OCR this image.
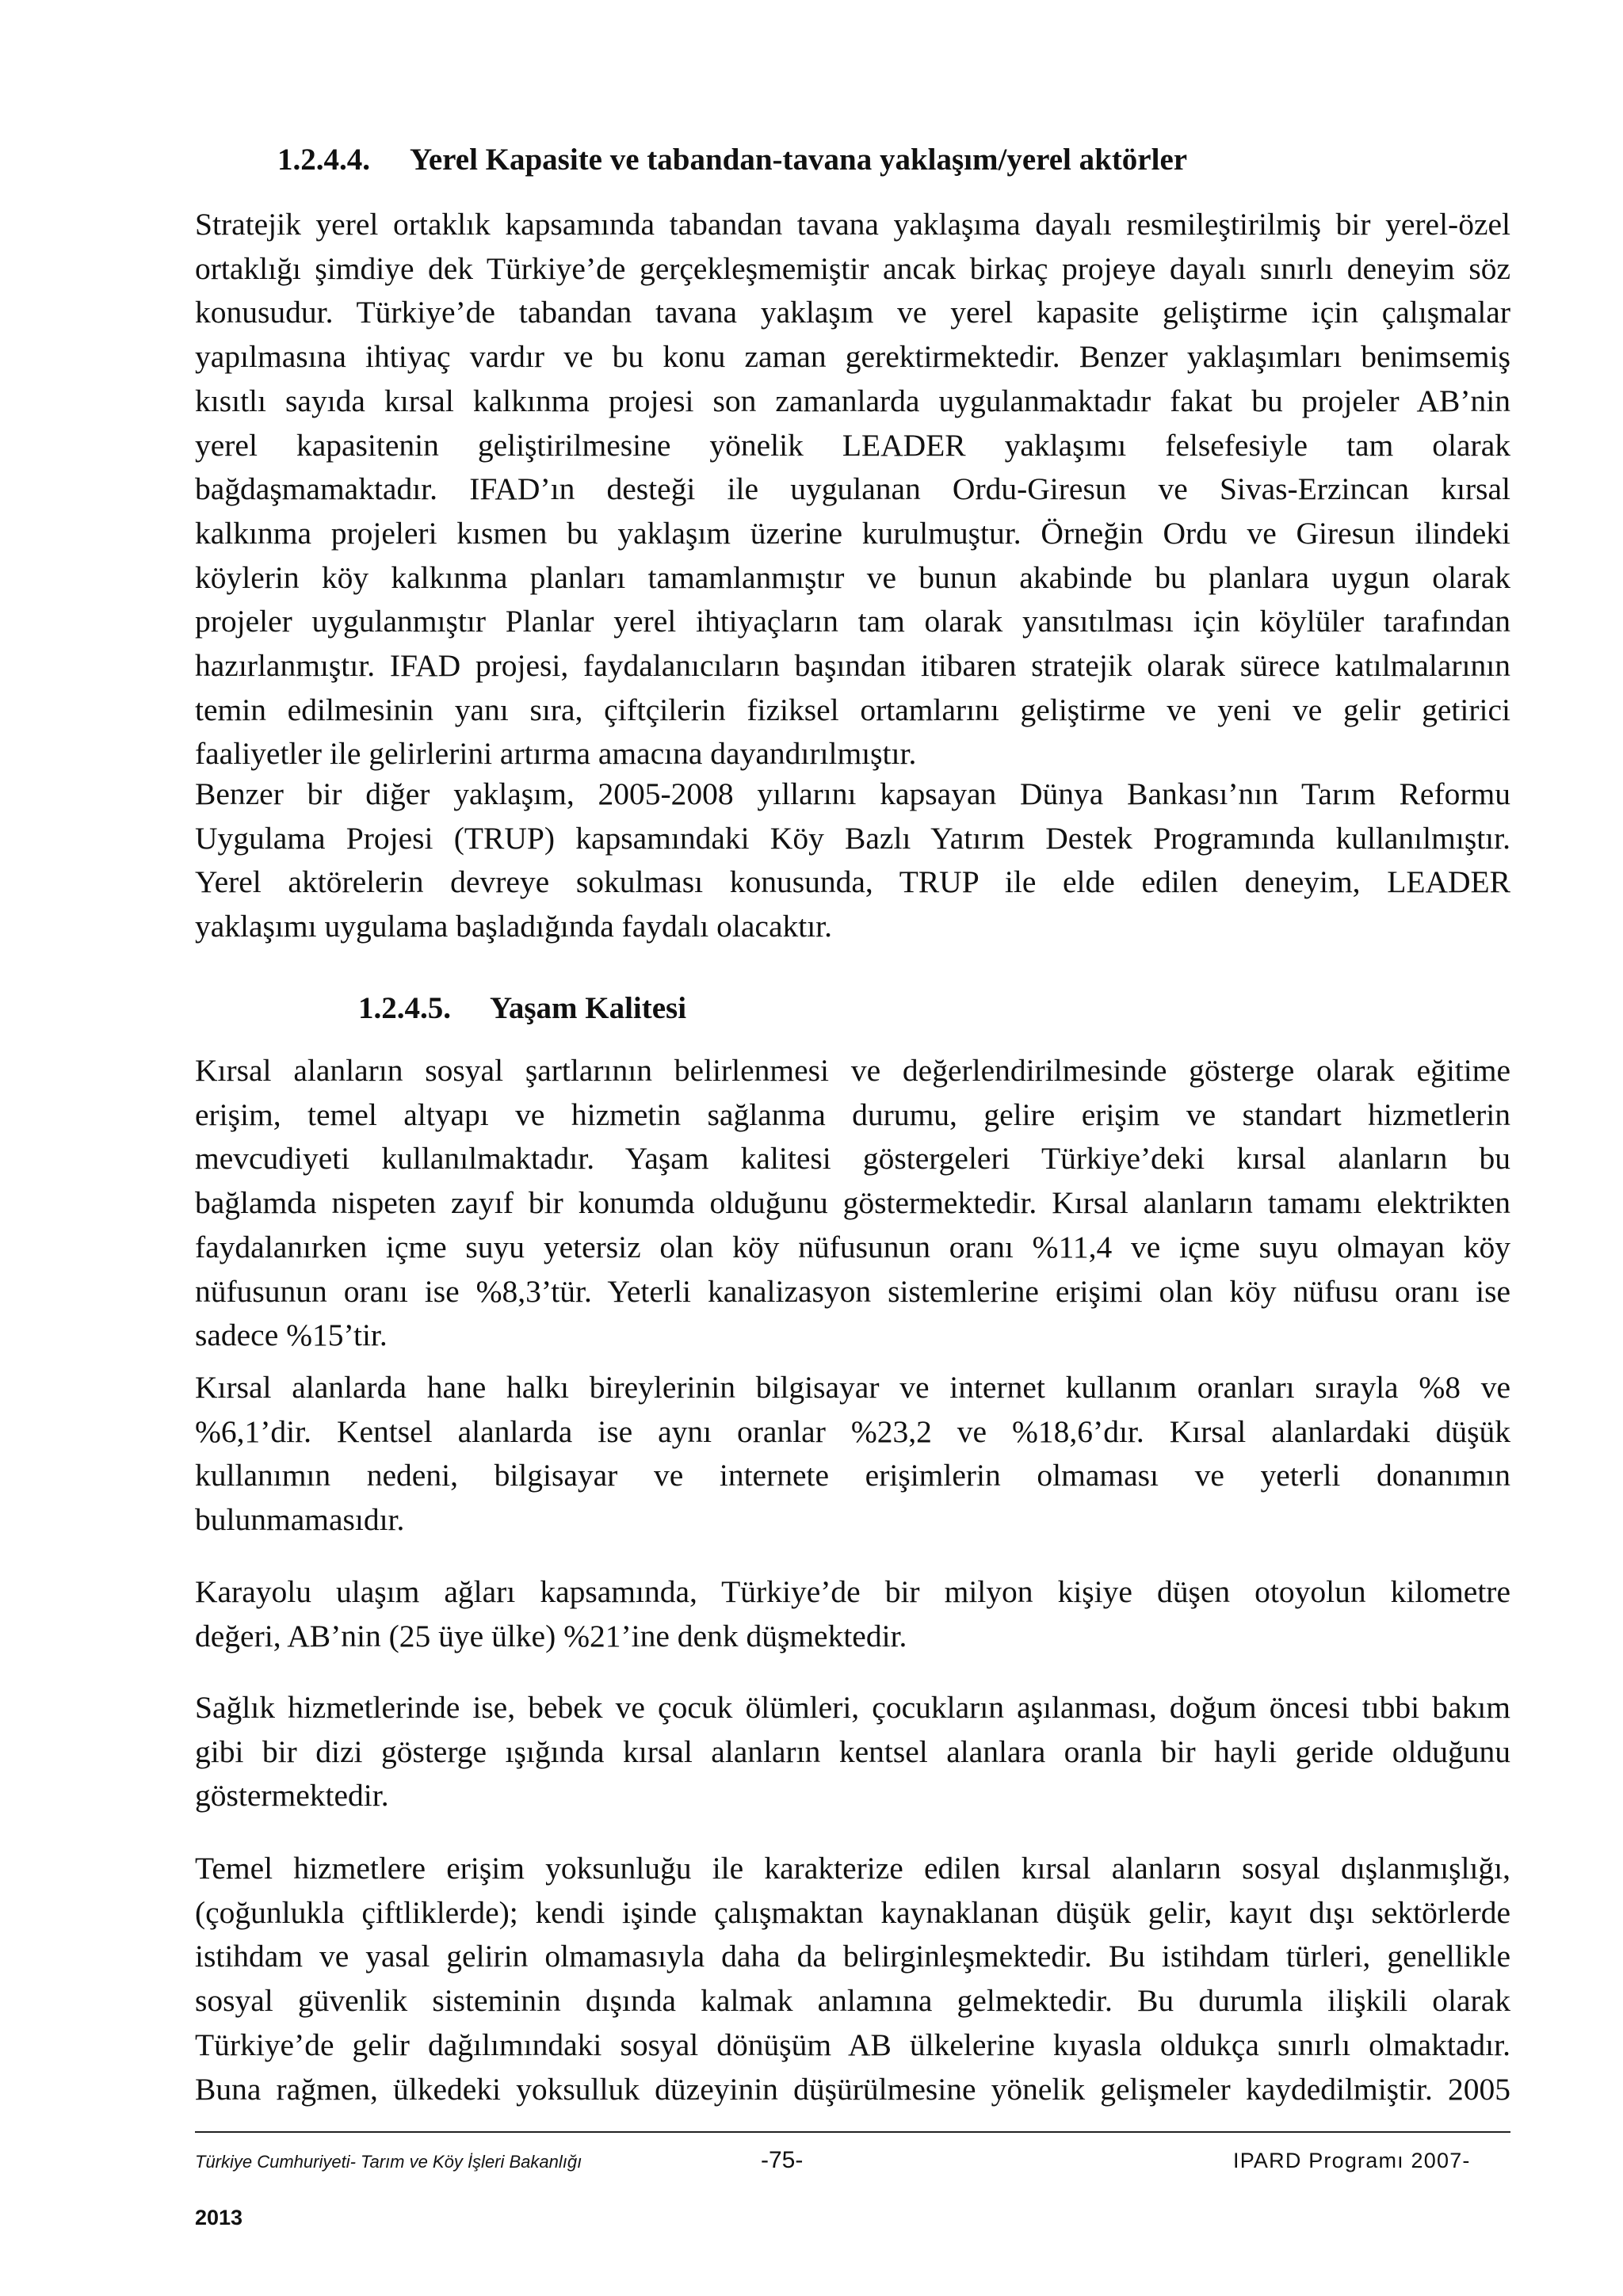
1.2.4.4. Yerel Kapasite ve tabandan-tavana yaklaşım/yerel aktörler

Stratejik yerel ortaklık kapsamında tabandan tavana yaklaşıma dayalı resmileştirilmiş bir yerel-özel
ortaklığı şimdiye dek Türkiye’de gerçekleşmemiştir ancak birkaç projeye dayalı sınırlı deneyim söz
konusudur. Türkiye’de tabandan tavana yaklaşım ve yerel kapasite geliştirme için çalışmalar
yapılmasına ihtiyaç vardır ve bu konu zaman gerektirmektedir. Benzer yaklaşımları benimsemiş
kısıtlı sayıda kırsal kalkınma projesi son zamanlarda uygulanmaktadır fakat bu projeler AB’nin
yerel kapasitenin geliştirilmesine yönelik LEADER yaklaşımı felsefesiyle tam olarak
bağdaşmamaktadır. IFAD’ın desteği ile uygulanan Ordu-Giresun ve Sivas-Erzincan kırsal
kalkınma projeleri kısmen bu yaklaşım üzerine kurulmuştur. Örneğin Ordu ve Giresun ilindeki
köylerin köy kalkınma planları tamamlanmıştır ve bunun akabinde bu planlara uygun olarak
projeler uygulanmıştır Planlar yerel ihtiyaçların tam olarak yansıtılması için köylüler tarafından
hazırlanmıştır. IFAD projesi, faydalanıcıların başından itibaren stratejik olarak sürece katılmalarının
temin edilmesinin yanı sıra, çiftçilerin fiziksel ortamlarını geliştirme ve yeni ve gelir getirici
faaliyetler ile gelirlerini artırma amacına dayandırılmıştır.

Benzer bir diğer yaklaşım, 2005-2008 yıllarını kapsayan Dünya Bankası’nın Tarım Reformu
Uygulama Projesi (TRUP) kapsamındaki Köy Bazlı Yatırım Destek Programında kullanılmıştır.
Yerel aktörelerin devreye sokulması konusunda, TRUP ile elde edilen deneyim, LEADER
yaklaşımı uygulama başladığında faydalı olacaktır.

1.2.4.5. Yaşam Kalitesi

Kırsal alanların sosyal şartlarının belirlenmesi ve değerlendirilmesinde gösterge olarak eğitime
erişim, temel altyapı ve hizmetin sağlanma durumu, gelire erişim ve standart hizmetlerin
mevcudiyeti kullanılmaktadır. Yaşam kalitesi göstergeleri Türkiye’deki kırsal alanların bu
bağlamda nispeten zayıf bir konumda olduğunu göstermektedir. Kırsal alanların tamamı elektrikten
faydalanırken içme suyu yetersiz olan köy nüfusunun oranı %11,4 ve içme suyu olmayan köy
nüfusunun oranı ise %8,3’tür. Yeterli kanalizasyon sistemlerine erişimi olan köy nüfusu oranı ise
sadece %15’tir.

Kırsal alanlarda hane halkı bireylerinin bilgisayar ve internet kullanım oranları sırayla %8 ve
%6,1’dir. Kentsel alanlarda ise aynı oranlar %23,2 ve %18,6’dır. Kırsal alanlardaki düşük
kullanımın nedeni, bilgisayar ve internete erişimlerin olmaması ve yeterli donanımın
bulunmamasıdır.

Karayolu ulaşım ağları kapsamında, Türkiye’de bir milyon kişiye düşen otoyolun kilometre
değeri, AB’nin (25 üye ülke) %21’ine denk düşmektedir.

Sağlık hizmetlerinde ise, bebek ve çocuk ölümleri, çocukların aşılanması, doğum öncesi tıbbi bakım
gibi bir dizi gösterge ışığında kırsal alanların kentsel alanlara oranla bir hayli geride olduğunu
göstermektedir.

Temel hizmetlere erişim yoksunluğu ile karakterize edilen kırsal alanların sosyal dışlanmışlığı,
(çoğunlukla çiftliklerde); kendi işinde çalışmaktan kaynaklanan düşük gelir, kayıt dışı sektörlerde
istihdam ve yasal gelirin olmamasıyla daha da belirginleşmektedir. Bu istihdam türleri, genellikle
sosyal güvenlik sisteminin dışında kalmak anlamına gelmektedir. Bu durumla ilişkili olarak
Türkiye’de gelir dağılımındaki sosyal dönüşüm AB ülkelerine kıyasla oldukça sınırlı olmaktadır.
Buna rağmen, ülkedeki yoksulluk düzeyinin düşürülmesine yönelik gelişmeler kaydedilmiştir. 2005

Türkiye Cumhuriyeti- Tarım ve Köy İşleri Bakanlığı	-75-	IPARD Programı 2007-
2013
